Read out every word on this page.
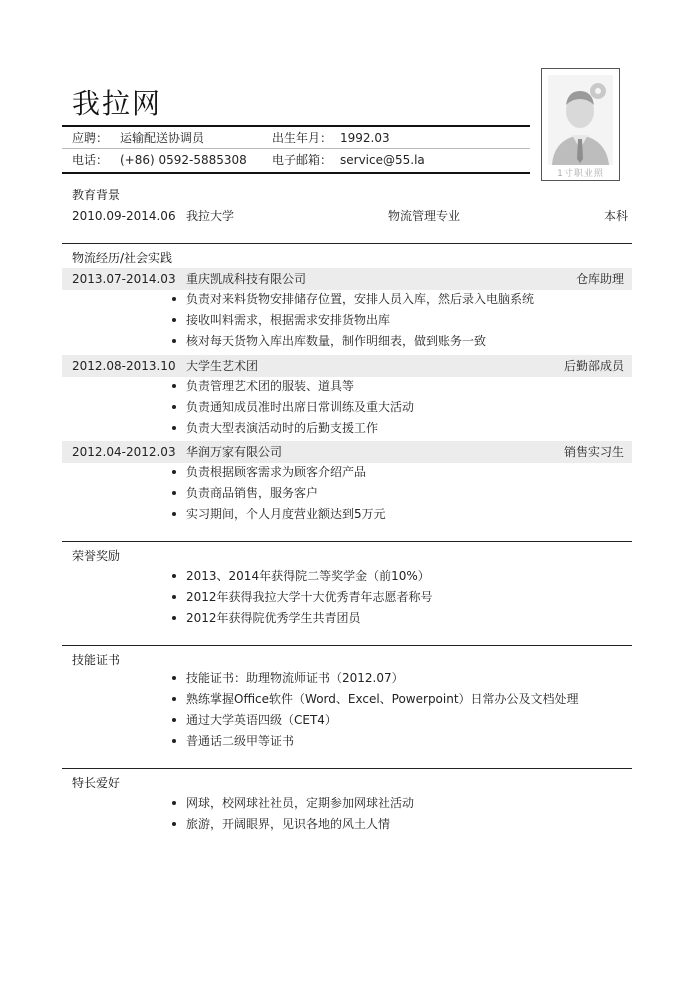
我拉网
应聘： 运输配送协调员	出生年月： 1992.03
电话： (+86) 0592-5885308 电子邮箱： service@55.la
1寸职业照
教育背景
2010.09-2014.06 我拉大学	物流管理专业	本科
物流经历/社会实践
2013.07-2014.03 重庆凯成科技有限公司	仓库助理
负责对来料货物安排储存位置，安排人员入库，然后录入电脑系统
接收叫料需求，根据需求安排货物出库
核对每天货物入库出库数量，制作明细表，做到账务一致
2012.08-2013.10 大学生艺术团	后勤部成员
负责管理艺术团的服装、道具等
负责通知成员准时出席日常训练及重大活动
负责大型表演活动时的后勤支援工作
2012.04-2012.03 华润万家有限公司	销售实习生
负责根据顾客需求为顾客介绍产品
负责商品销售，服务客户
实习期间，个人月度营业额达到5万元
荣誉奖励
2013、2014年获得院二等奖学金（前10%）
2012年获得我拉大学十大优秀青年志愿者称号
2012年获得院优秀学生共青团员
技能证书
技能证书：助理物流师证书（2012.07）
熟练掌握Office软件（Word、Excel、Powerpoint）日常办公及文档处理
通过大学英语四级（CET4）
普通话二级甲等证书
特长爱好
网球，校网球社社员，定期参加网球社活动
旅游，开阔眼界，见识各地的风土人情
